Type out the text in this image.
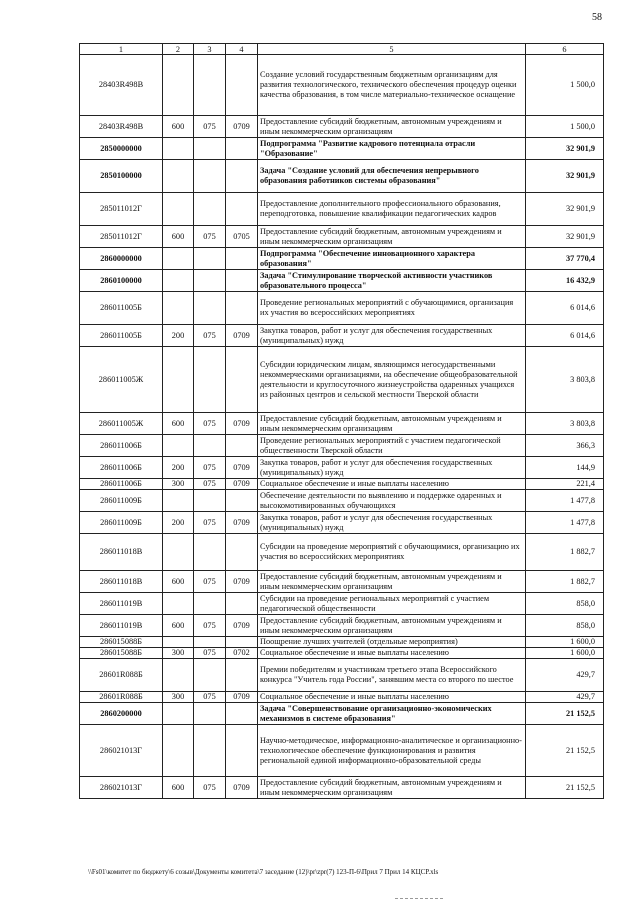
58
1	2	3	4	5	6
28403R498В				Создание условий государственным бюджетным организациям для развития технологического, технического обеспечения процедур оценки качества образования, в том числе материально-техническое оснащение	1 500,0
28403R498В	600	075	0709	Предоставление субсидий бюджетным, автономным учреждениям и иным некоммерческим организациям	1 500,0
2850000000				Подпрограмма "Развитие кадрового потенциала отрасли "Образование"	32 901,9
2850100000				Задача "Создание условий для обеспечения непрерывного образования работников системы образования"	32 901,9
285011012Г				Предоставление дополнительного профессионального образования, переподготовка, повышение квалификации педагогических кадров	32 901,9
285011012Г	600	075	0705	Предоставление субсидий бюджетным, автономным учреждениям и иным некоммерческим организациям	32 901,9
2860000000				Подпрограмма "Обеспечение инновационного характера образования"	37 770,4
2860100000				Задача "Стимулирование творческой активности участников образовательного процесса"	16 432,9
286011005Б				Проведение региональных мероприятий с обучающимися, организация их участия во всероссийских мероприятиях	6 014,6
286011005Б	200	075	0709	Закупка товаров, работ и услуг для обеспечения государственных (муниципальных) нужд	6 014,6
286011005Ж				Субсидии юридическим лицам, являющимся негосударственными некоммерческими организациями, на обеспечение общеобразовательной деятельности и круглосуточного жизнеустройства одаренных учащихся из районных центров и сельской местности Тверской области	3 803,8
286011005Ж	600	075	0709	Предоставление субсидий бюджетным, автономным учреждениям и иным некоммерческим организациям	3 803,8
286011006Б				Проведение региональных мероприятий с участием педагогической общественности Тверской области	366,3
286011006Б	200	075	0709	Закупка товаров, работ и услуг для обеспечения государственных (муниципальных) нужд	144,9
286011006Б	300	075	0709	Социальное обеспечение и иные выплаты населению	221,4
286011009Б				Обеспечение деятельности по выявлению и поддержке одаренных и высокомотивированных обучающихся	1 477,8
286011009Б	200	075	0709	Закупка товаров, работ и услуг для обеспечения государственных (муниципальных) нужд	1 477,8
286011018В				Субсидии на проведение мероприятий с обучающимися, организацию их участия во всероссийских мероприятиях	1 882,7
286011018В	600	075	0709	Предоставление субсидий бюджетным, автономным учреждениям и иным некоммерческим организациям	1 882,7
286011019В				Субсидии на проведение региональных мероприятий с участием педагогической общественности	858,0
286011019В	600	075	0709	Предоставление субсидий бюджетным, автономным учреждениям и иным некоммерческим организациям	858,0
286015088Б				Поощрение лучших учителей (отдельные мероприятия)	1 600,0
286015088Б	300	075	0702	Социальное обеспечение и иные выплаты населению	1 600,0
28601R088Б				Премии победителям и участникам третьего этапа Всероссийского конкурса "Учитель года России", занявшим места со второго по шестое	429,7
28601R088Б	300	075	0709	Социальное обеспечение и иные выплаты населению	429,7
2860200000				Задача "Совершенствование организационно-экономических механизмов в системе образования"	21 152,5
286021013Г				Научно-методическое, информационно-аналитическое и организационно-технологическое обеспечение функционирования и развития региональной единой информационно-образовательной среды	21 152,5
286021013Г	600	075	0709	Предоставление субсидий бюджетным, автономным учреждениям и иным некоммерческим организациям	21 152,5
\\Fs01\комитет по бюджету\6 созыв\Документы комитета\7 заседание (12)\pr\zpr(7) 123-П-6\Прил 7 Прил 14 КЦСР.xls
